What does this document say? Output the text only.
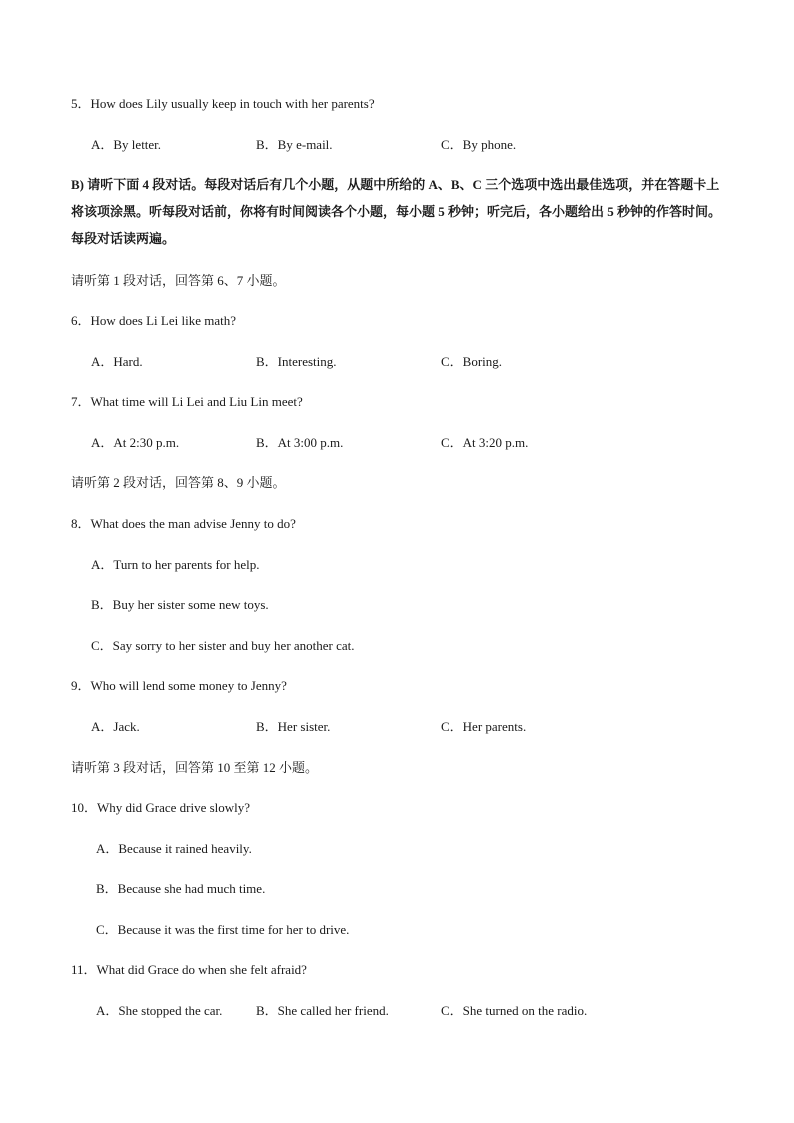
5．How does Lily usually keep in touch with her parents?
A．By letter.	B．By e-mail.	C．By phone.
B) 请听下面 4 段对话。每段对话后有几个小题，从题中所给的 A、B、C 三个选项中选出最佳选项，并在答题卡上将该项涂黑。听每段对话前，你将有时间阅读各个小题，每小题 5 秒钟；听完后，各小题给出 5 秒钟的作答时间。每段对话读两遍。
请听第 1 段对话，回答第 6、7 小题。
6．How does Li Lei like math?
A．Hard.	B．Interesting.	C．Boring.
7．What time will Li Lei and Liu Lin meet?
A．At 2:30 p.m.	B．At 3:00 p.m.	C．At 3:20 p.m.
请听第 2 段对话，回答第 8、9 小题。
8．What does the man advise Jenny to do?
A．Turn to her parents for help.
B．Buy her sister some new toys.
C．Say sorry to her sister and buy her another cat.
9．Who will lend some money to Jenny?
A．Jack.	B．Her sister.	C．Her parents.
请听第 3 段对话，回答第 10 至第 12 小题。
10．Why did Grace drive slowly?
A．Because it rained heavily.
B．Because she had much time.
C．Because it was the first time for her to drive.
11．What did Grace do when she felt afraid?
A．She stopped the car.	B．She called her friend.	C．She turned on the radio.
